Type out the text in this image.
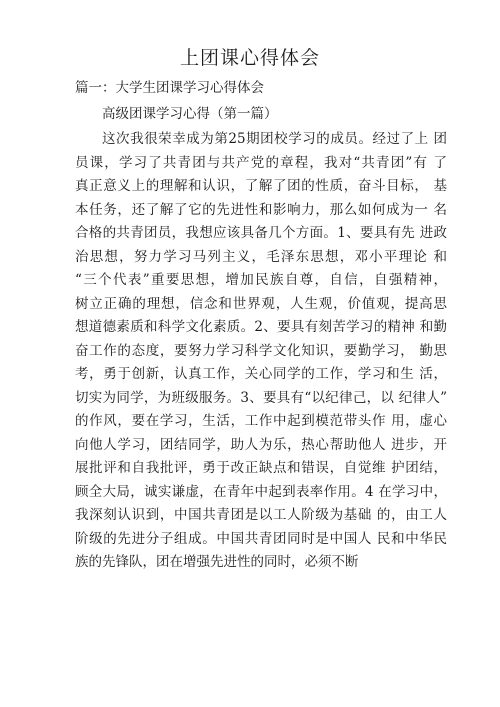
上团课心得体会
篇一：大学生团课学习心得体会
高级团课学习心得（第一篇）
这次我很荣幸成为第25期团校学习的成员。经过了上 团
员课，学习了共青团与共产党的章程，我对“共青团”有 了
真正意义上的理解和认识，了解了团的性质，奋斗目标， 基
本任务，还了解了它的先进性和影响力，那么如何成为一 名
合格的共青团员，我想应该具备几个方面。1、要具有先 进政
治思想，努力学习马列主义，毛泽东思想，邓小平理论 和
“三个代表”重要思想，增加民族自尊，自信，自强精神，
树立正确的理想，信念和世界观，人生观，价值观，提高思
想道德素质和科学文化素质。2、要具有刻苦学习的精神 和勤
奋工作的态度，要努力学习科学文化知识，要勤学习， 勤思
考，勇于创新，认真工作，关心同学的工作，学习和生 活，
切实为同学，为班级服务。3、要具有“以纪律己，以 纪律人”
的作风，要在学习，生活，工作中起到模范带头作 用，虚心
向他人学习，团结同学，助人为乐，热心帮助他人 进步，开
展批评和自我批评，勇于改正缺点和错误，自觉维 护团结，
顾全大局，诚实谦虚，在青年中起到表率作用。4 在学习中，
我深刻认识到，中国共青团是以工人阶级为基础 的，由工人
阶级的先进分子组成。中国共青团同时是中国人 民和中华民
族的先锋队，团在增强先进性的同时，必须不断
